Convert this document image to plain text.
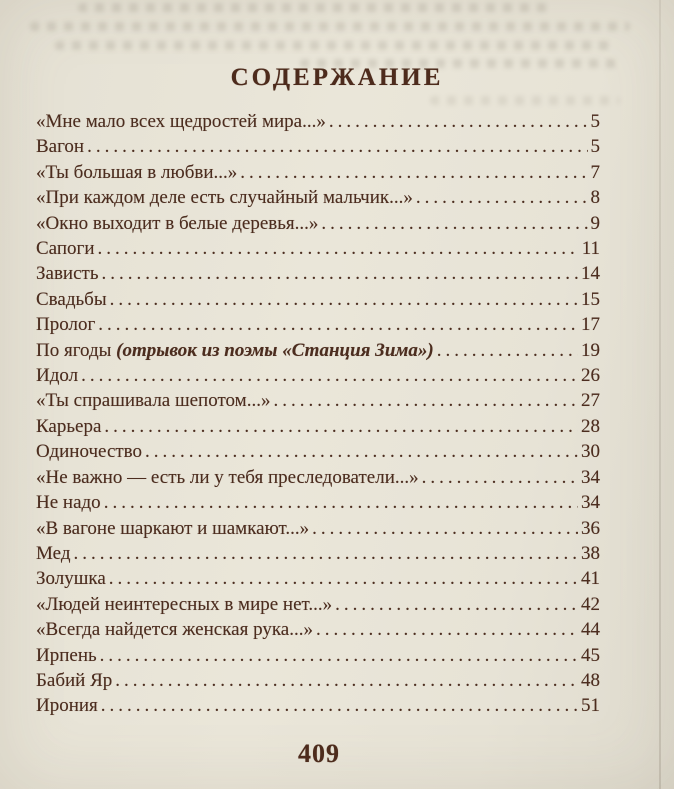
СОДЕРЖАНИЕ
«Мне мало всех щедростей мира...» .....	5
Вагон .....	5
«Ты большая в любви...» .....	7
«При каждом деле есть случайный мальчик...» .....	8
«Окно выходит в белые деревья...» .....	9
Сапоги .....	11
Зависть .....	14
Свадьбы .....	15
Пролог .....	17
По ягоды (отрывок из поэмы «Станция Зима») .....	19
Идол .....	26
«Ты спрашивала шепотом...» .....	27
Карьера .....	28
Одиночество .....	30
«Не важно — есть ли у тебя преследователи...» .....	34
Не надо .....	34
«В вагоне шаркают и шамкают...» .....	36
Мед .....	38
Золушка .....	41
«Людей неинтересных в мире нет...» .....	42
«Всегда найдется женская рука...» .....	44
Ирпень .....	45
Бабий Яр .....	48
Ирония .....	51
409
